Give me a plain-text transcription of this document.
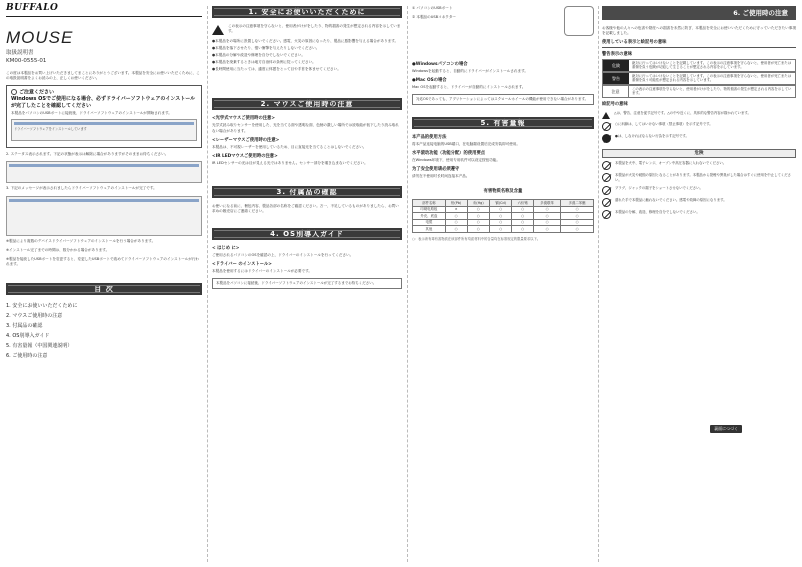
BUFFALO
MOUSE
取扱説明書
KM00-0555-01
この度は本製品をお買い上げいただきましてまことにありがとうございます。本製品を安全にお使いいただくために、この取扱説明書をよくお読みの上、正しくお使いください。
ご注意ください
Windows OSでご使用になる場合、必ずドライバーソフトウェアのインストールが完了したことを確認してください
本製品をパソコンのUSBポートに接続後、ドライバーソフトウェアのインストールが開始されます。
ドライバーソフトウェアをインストールしています
2. ステータス表示されます。下記の状態が表示は解除に場合がありますがそのままお待ちください。
3. 下記のメッセージが表示されましたらドライバーソフトウェアのインストールが完了です。
※製品により複数のデバイスドライバーソフトウェアのインストールを行う場合があります。
※インストール完了までの時間は、数分かかる場合があります。
※製品を接続したUSBポートを変更すると、変更したUSBポートで改めてドライバーソフトウェアのインストールが行われます。
目 次
1. 安全にお使いいただくために
2. マウスご使用時の注意
3. 付属品の確認
4. OS別導入ガイド
5. 有害量報（中国関連説明）
6. ご使用時の注意
1. 安全にお使いいただくために
この表示の注意事項を守らないと、使用者がけがをしたり、物的損害の発生が想定される内容を示しています。
●本製品をの場所に設置しないでください。感電、火災の原因になったり、製品に悪影響を与える場合があります。
●本製品を落下させたり、強い衝撃を与えたりしないでください。
●本製品の分解や改造や修理を自分でしないでください。
●本製品を廃棄するときは地方自治体の条例に従ってください。
●長時間使用に当たっては、適度に休憩をとって目や手首を休ませてください。
2. マウスご使用時の注意
<光学式マウスご使用時の注意>
光学式読み取りセンサーを使用した、光を当てる面や透明な面、色柄の激しい場所では読取能が低下したり読み取れない場合があります。
<レーザーマウスご使用時の注意>
本製品は、不可視レーザーを使用しているため、目に直接光を当てることはしないでください。
<IR LEDマウスご使用時の注意>
IR LEDセンサーの光は目が見える光ではありません。センサー部分を覗き込まないでください。
3. 付属品の確認
お使いになる前に、梱包内容、製品各部の名称をご確認ください。万一、不足しているものがありましたら、お買い求めの販売店にご連絡ください。
4. OS別導入ガイド
< はじめ に>
ご使用されるパソコンのOSを確認の上、ドライバーのインストールを行ってください。
<ドライバー のインストール>
本製品を使用するにはドライバーのインストールが必要です。
本製品をパソコンに接続後、ドライバーソフトウェアのインストールが完了するまでお待ちください。
① パソコンのUSBポート
② 本製品のUSBコネクター
●Windowsパソコンの場合
Windowsを起動すると、自動的にドライバーがインストールされます。
●Mac OSの場合
Mac OSを起動すると、ドライバーが自動的にインストールされます。
対応OSであっても、アプリケーションによってはスクロールホイールの機能が使用できない場合があります。
5. 有害量報
本产品的使用方法
将本产品连接电脑的USB端口，在电脑端设置后完成安装即可使用。
水平滚动功能（功能分配）的使用要点
在Windows环境下，使用专用软件可以设定按钮功能。
为了安全使用请必须遵守
请勿在不使用时长时间连接本产品。
有害物质名称及含量
部件名称	铅(Pb)	汞(Hg)	镉(Cd)	六价铬	多溴联苯	多溴二苯醚
印刷电路板	×	○	○	○	○	○
外壳、底盘	○	○	○	○	○	○
电缆	○	○	○	○	○	○
其他	○	○	○	○	○	○
○：表示该有毒有害物质在该部件所有均质材料中的含量均在标准规定的限量要求以下。
6. ご使用時の注意
お客様や他の人々への危害や財産への損害を未然に防ぎ、本製品を安全にお使いいただくために守っていただきたい事項を記載しました。
使用している表示と絵記号の意味
警告表示の意味
危険
絶対に行ってはいけないことを記載しています。この表示の注意事項を守らないと、使用者が死亡または重傷を負う危険が切迫して生じることが想定される内容を示しています。
警告
絶対に行ってはいけないことを記載しています。この表示の注意事項を守らないと、使用者が死亡または重傷を負う可能性が想定される内容を示しています。
注意
この表示の注意事項を守らないと、使用者がけがをしたり、物的損害の発生が想定される内容を示しています。
絵記号の意味
△は、警告、注意を促す記号です。△の中や近くに、具体的な警告内容が描かれています。
○に斜線は、してはいけない事項（禁止事項）を示す記号です。
●は、しなければならない行為を示す記号です。
危険
本製品を火中、電子レンジ、オーブン中高圧容器に入れないでください。
本製品が火災や破損の原因となることがあります。本製品から発煙や異臭がした場合はすぐに使用を中止してください。
プラグ、ジャックの端子をショートさせないでください。
濡れた手で本製品に触れないでください。感電や故障の原因になります。
本製品の分解、改造、修理を自分でしないでください。
裏面につづく
